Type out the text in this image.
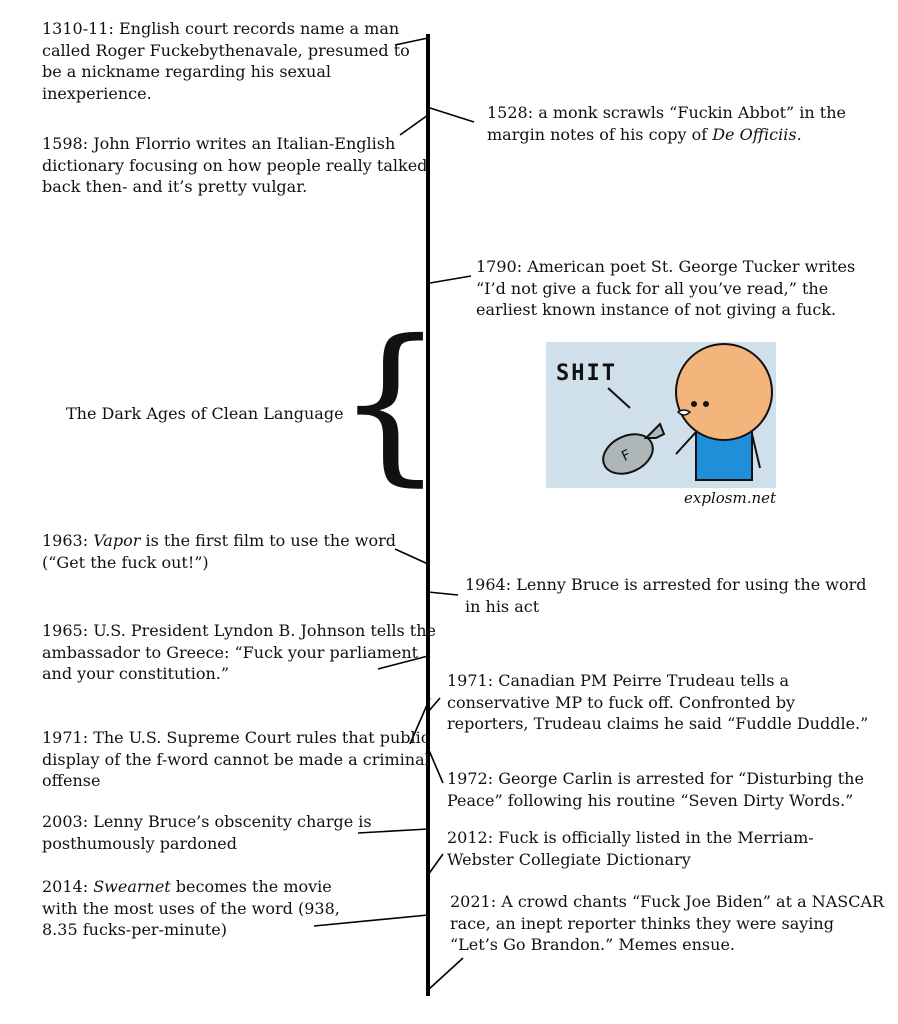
1310-11: English court records name a man
called Roger Fuckebythenavale, presumed to
be a nickname regarding his sexual
inexperience.
1528: a monk scrawls “Fuckin Abbot” in the
margin notes of his copy of De Officiis.
1598: John Florrio writes an Italian-English
dictionary focusing on how people really talked
back then- and it’s pretty vulgar.
1790: American poet St. George Tucker writes
“I’d not give a fuck for all you’ve read,” the
earliest known instance of not giving a fuck.
The Dark Ages of Clean Language
{	SHIT
F
explosm.net
1963: Vapor is the first film to use the word
(“Get the fuck out!”)
1964: Lenny Bruce is arrested for using the word
in his act
1965: U.S. President Lyndon B. Johnson tells the
ambassador to Greece: “Fuck your parliament
and your constitution.”	1971: Canadian PM Peirre Trudeau tells a
conservative MP to fuck off. Confronted by
reporters, Trudeau claims he said “Fuddle Duddle.”
1971: The U.S. Supreme Court rules that public
display of the f-word cannot be made a criminal
offense	1972: George Carlin is arrested for “Disturbing the
Peace” following his routine “Seven Dirty Words.”
2003: Lenny Bruce’s obscenity charge is
posthumously pardoned	2012: Fuck is officially listed in the Merriam-
Webster Collegiate Dictionary
2014: Swearnet becomes the movie
with the most uses of the word (938,
8.35 fucks-per-minute)
2021: A crowd chants “Fuck Joe Biden” at a NASCAR
race, an inept reporter thinks they were saying
“Let’s Go Brandon.” Memes ensue.
